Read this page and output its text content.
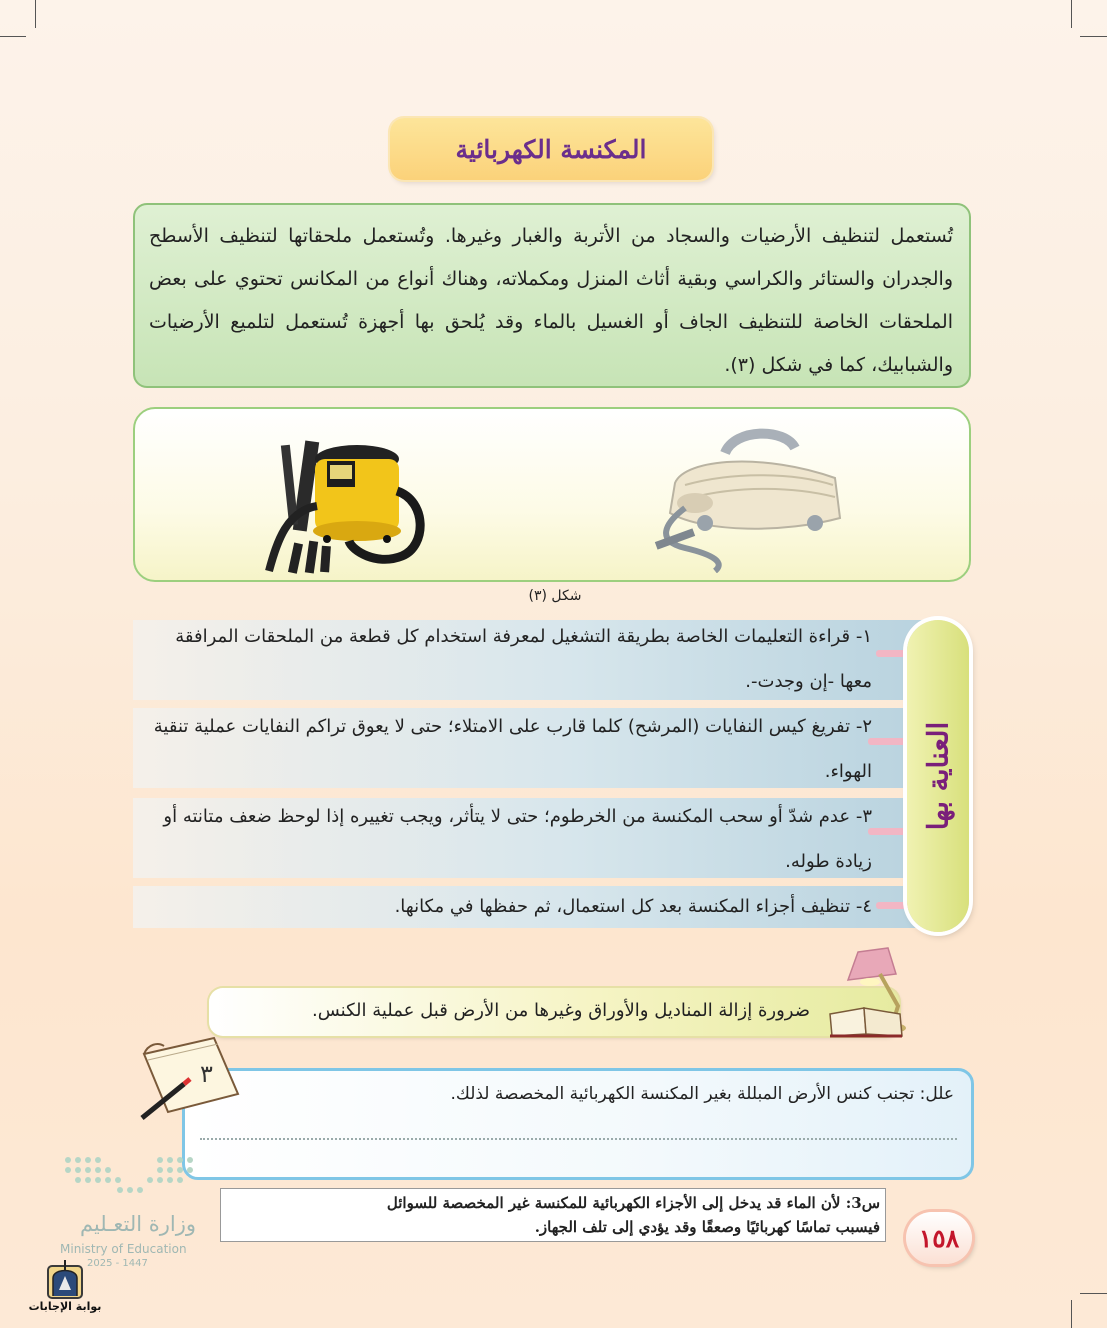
المكنسة الكهربائية

تُستعمل لتنظيف الأرضيات والسجاد من الأتربة والغبار وغيرها. وتُستعمل ملحقاتها لتنظيف الأسطح والجدران والستائر والكراسي وبقية أثاث المنزل ومكملاته، وهناك أنواع من المكانس تحتوي على بعض الملحقات الخاصة للتنظيف الجاف أو الغسيل بالماء وقد يُلحق بها أجهزة تُستعمل لتلميع الأرضيات والشبابيك، كما في شكل (٣).

شكل (٣)
١- قراءة التعليمات الخاصة بطريقة التشغيل لمعرفة استخدام كل قطعة من الملحقات المرافقة معها -إن وجدت-.
٢- تفريغ كيس النفايات (المرشح) كلما قارب على الامتلاء؛ حتى لا يعوق تراكم النفايات عملية تنقية الهواء.
٣- عدم شدّ أو سحب المكنسة من الخرطوم؛ حتى لا يتأثر، ويجب تغييره إذا لوحظ ضعف متانته أو زيادة طوله.
٤- تنظيف أجزاء المكنسة بعد كل استعمال، ثم حفظها في مكانها.
العناية بها
ضرورة إزالة المناديل والأوراق وغيرها من الأرض قبل عملية الكنس.
علل: تجنب كنس الأرض المبللة بغير المكنسة الكهربائية المخصصة لذلك.
٣
س3: لأن الماء قد يدخل إلى الأجزاء الكهربائية للمكنسة غير المخصصة للسوائل
فيسبب تماسًا كهربائيًا وصعقًا وقد يؤدي إلى تلف الجهاز. ١٥٨
وزارة التعـليم
Ministry of Education
2025 - 1447
بوابة الإجابات
